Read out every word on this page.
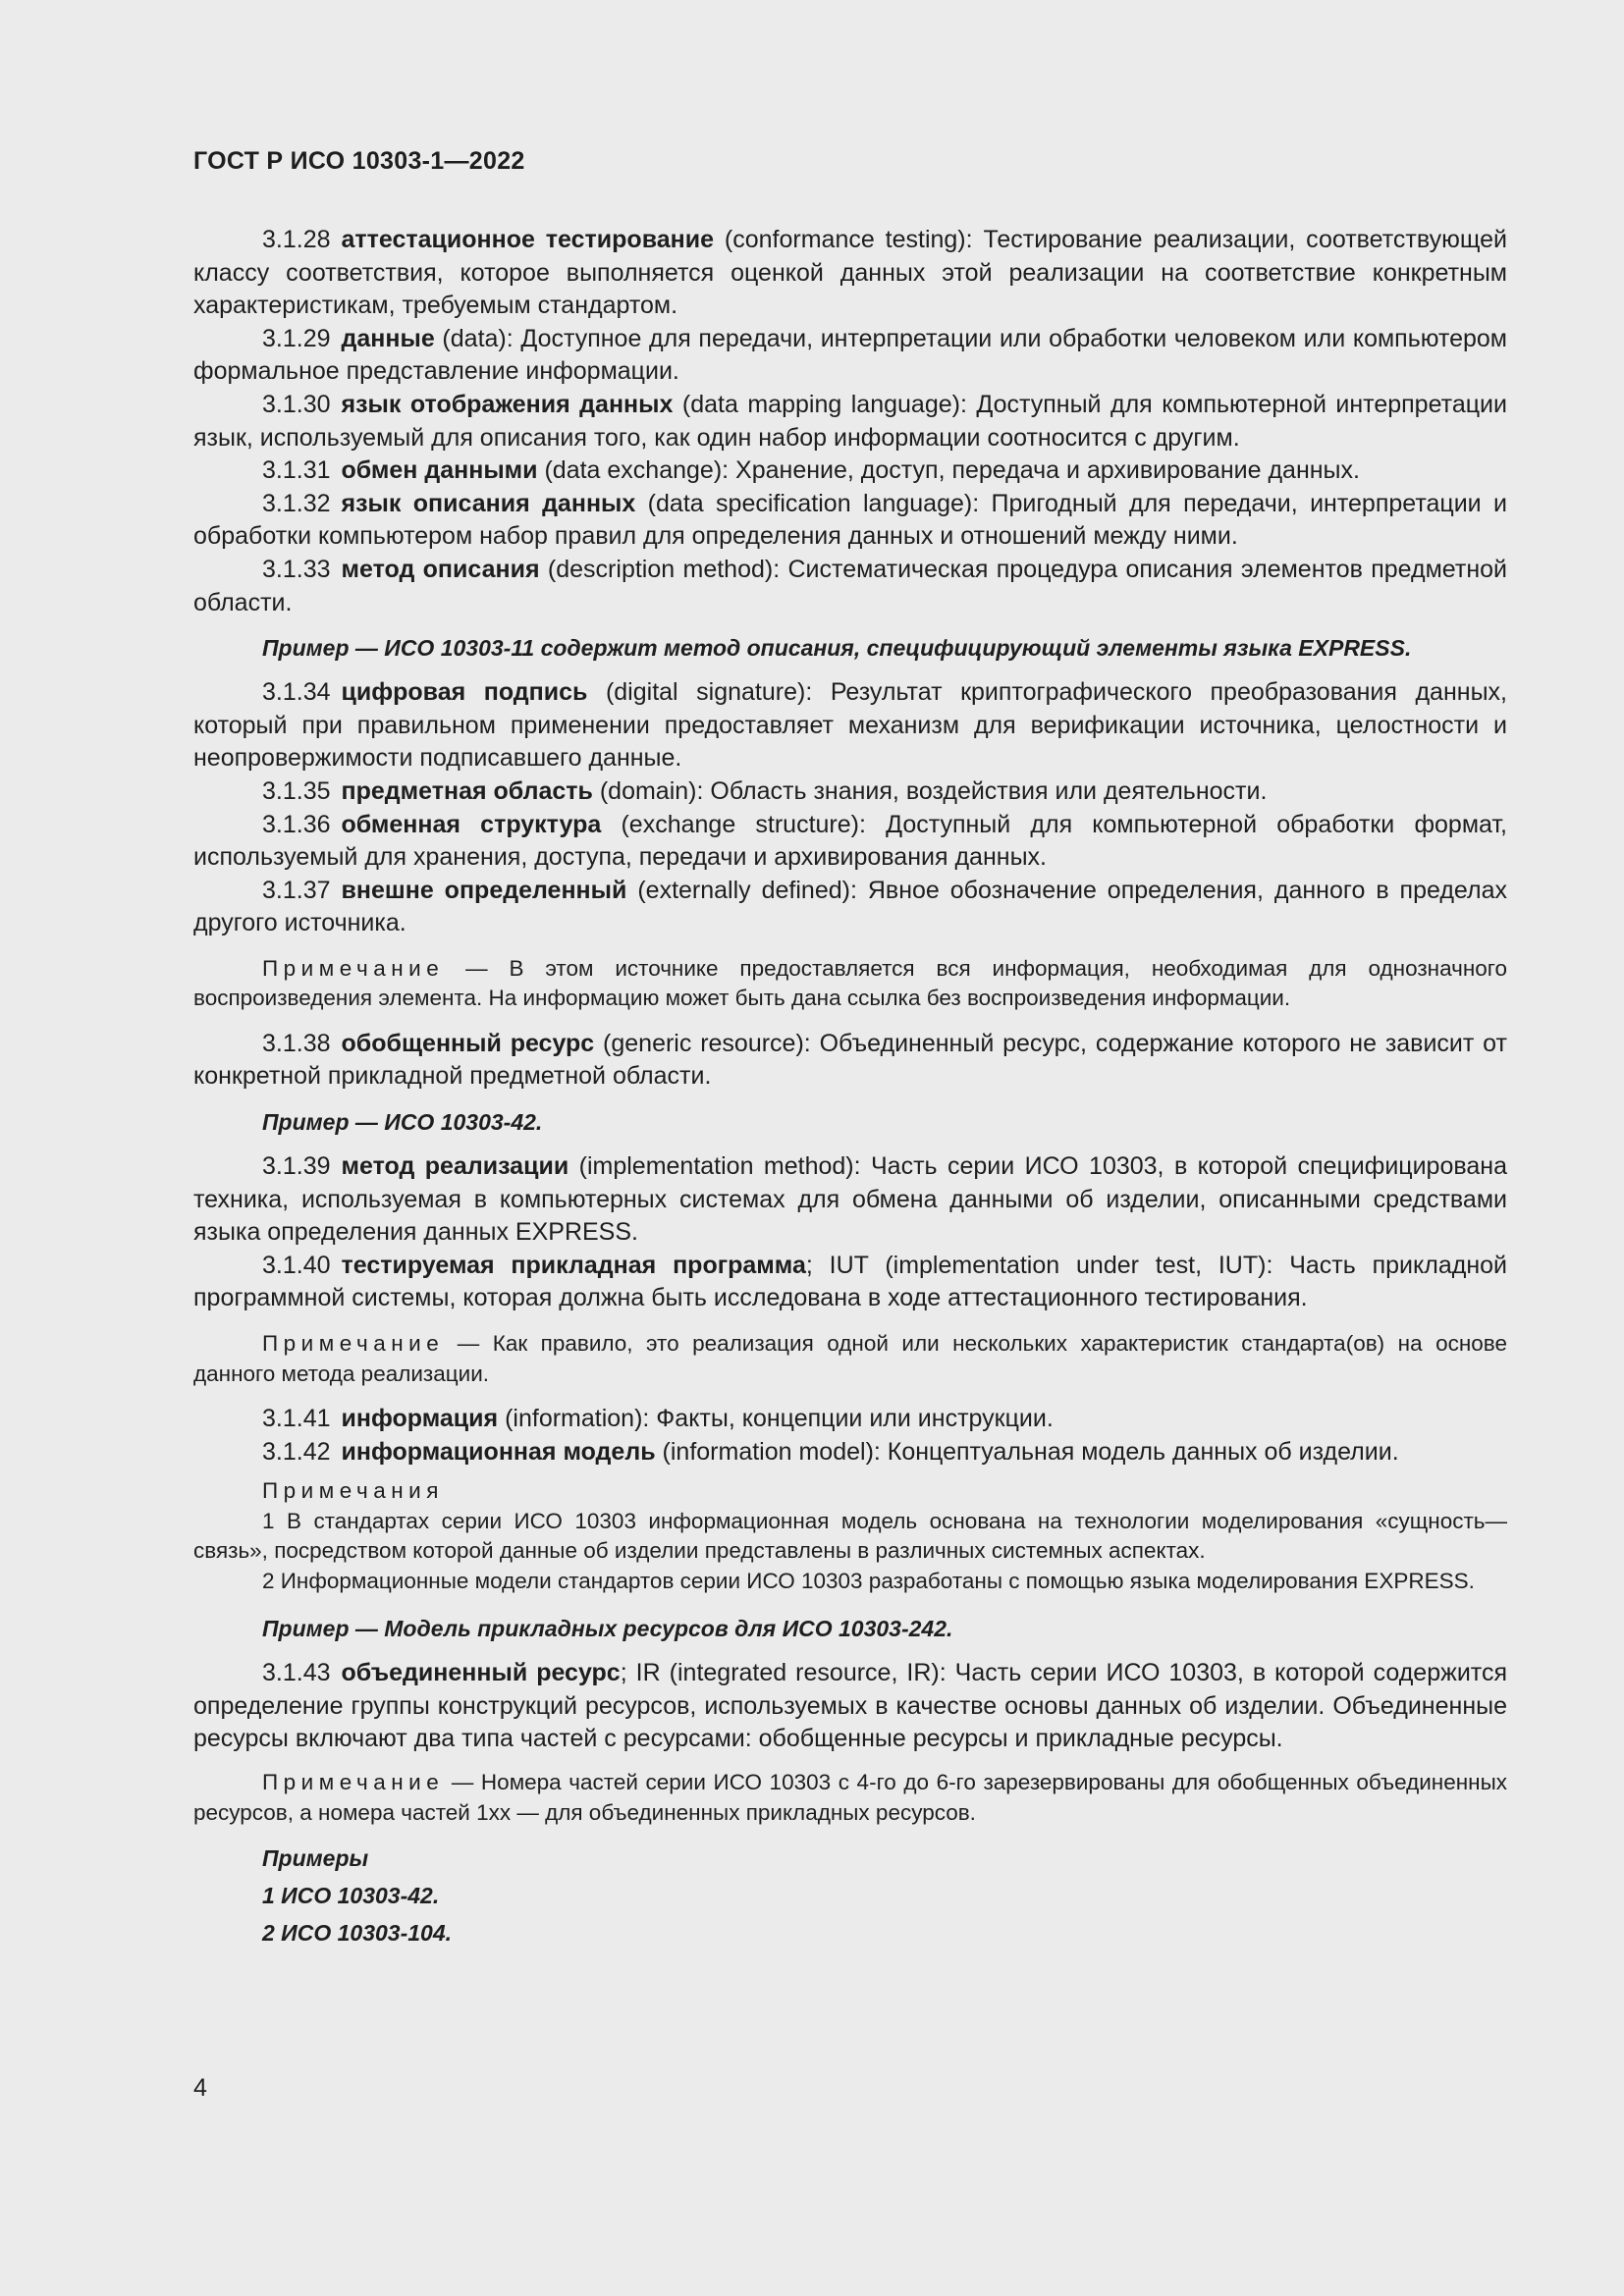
ГОСТ Р ИСО 10303-1—2022

3.1.28 аттестационное тестирование (conformance testing): Тестирование реализации, соответствующей классу соответствия, которое выполняется оценкой данных этой реализации на соответствие конкретным характеристикам, требуемым стандартом.

3.1.29 данные (data): Доступное для передачи, интерпретации или обработки человеком или компьютером формальное представление информации.

3.1.30 язык отображения данных (data mapping language): Доступный для компьютерной интерпретации язык, используемый для описания того, как один набор информации соотносится с другим.

3.1.31 обмен данными (data exchange): Хранение, доступ, передача и архивирование данных.

3.1.32 язык описания данных (data specification language): Пригодный для передачи, интерпретации и обработки компьютером набор правил для определения данных и отношений между ними.

3.1.33 метод описания (description method): Систематическая процедура описания элементов предметной области.

Пример — ИСО 10303-11 содержит метод описания, специфицирующий элементы языка EXPRESS.

3.1.34 цифровая подпись (digital signature): Результат криптографического преобразования данных, который при правильном применении предоставляет механизм для верификации источника, целостности и неопровержимости подписавшего данные.

3.1.35 предметная область (domain): Область знания, воздействия или деятельности.

3.1.36 обменная структура (exchange structure): Доступный для компьютерной обработки формат, используемый для хранения, доступа, передачи и архивирования данных.

3.1.37 внешне определенный (externally defined): Явное обозначение определения, данного в пределах другого источника.

Примечание — В этом источнике предоставляется вся информация, необходимая для однозначного воспроизведения элемента. На информацию может быть дана ссылка без воспроизведения информации.

3.1.38 обобщенный ресурс (generic resource): Объединенный ресурс, содержание которого не зависит от конкретной прикладной предметной области.

Пример — ИСО 10303-42.

3.1.39 метод реализации (implementation method): Часть серии ИСО 10303, в которой специфицирована техника, используемая в компьютерных системах для обмена данными об изделии, описанными средствами языка определения данных EXPRESS.

3.1.40 тестируемая прикладная программа; IUT (implementation under test, IUT): Часть прикладной программной системы, которая должна быть исследована в ходе аттестационного тестирования.

Примечание — Как правило, это реализация одной или нескольких характеристик стандарта(ов) на основе данного метода реализации.

3.1.41 информация (information): Факты, концепции или инструкции.

3.1.42 информационная модель (information model): Концептуальная модель данных об изделии.

Примечания

1 В стандартах серии ИСО 10303 информационная модель основана на технологии моделирования «сущность—связь», посредством которой данные об изделии представлены в различных системных аспектах.

2 Информационные модели стандартов серии ИСО 10303 разработаны с помощью языка моделирования EXPRESS.

Пример — Модель прикладных ресурсов для ИСО 10303-242.

3.1.43 объединенный ресурс; IR (integrated resource, IR): Часть серии ИСО 10303, в которой содержится определение группы конструкций ресурсов, используемых в качестве основы данных об изделии. Объединенные ресурсы включают два типа частей с ресурсами: обобщенные ресурсы и прикладные ресурсы.

Примечание — Номера частей серии ИСО 10303 с 4-го до 6-го зарезервированы для обобщенных объединенных ресурсов, а номера частей 1хх — для объединенных прикладных ресурсов.

Примеры

1 ИСО 10303-42.

2 ИСО 10303-104.

4
